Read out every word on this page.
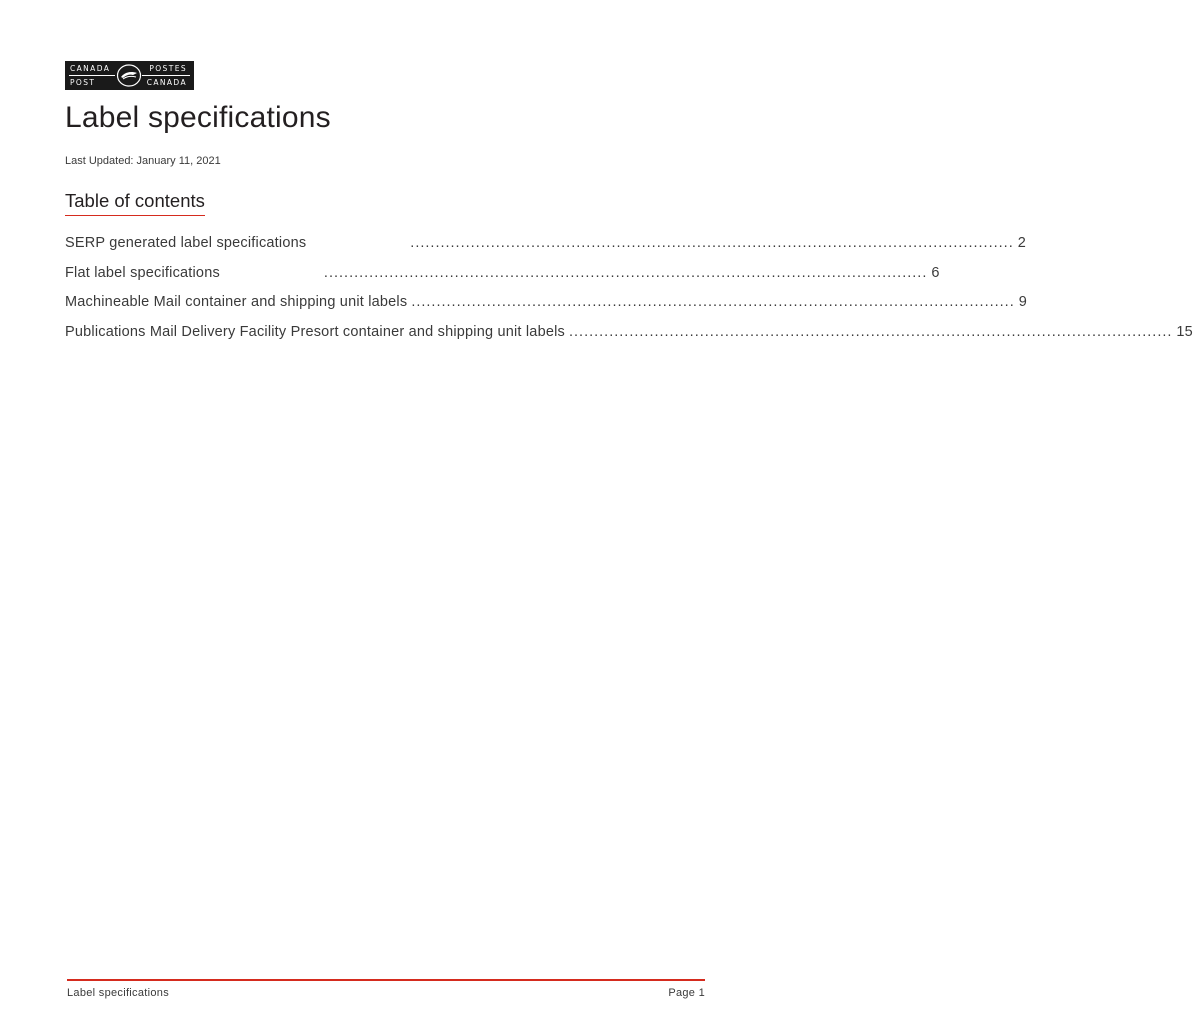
CANADA
POST
POSTES
CANADA
Label specifications
Last Updated: January 11, 2021
Table of contents
SERP generated label specifications	........................................................................................................................ 2
Flat label specifications	........................................................................................................................ 6
Machineable Mail container and shipping unit labels ........................................................................................................................ 9
Publications Mail Delivery Facility Presort container and shipping unit labels ........................................................................................................................ 15
Label specifications	Page 1
